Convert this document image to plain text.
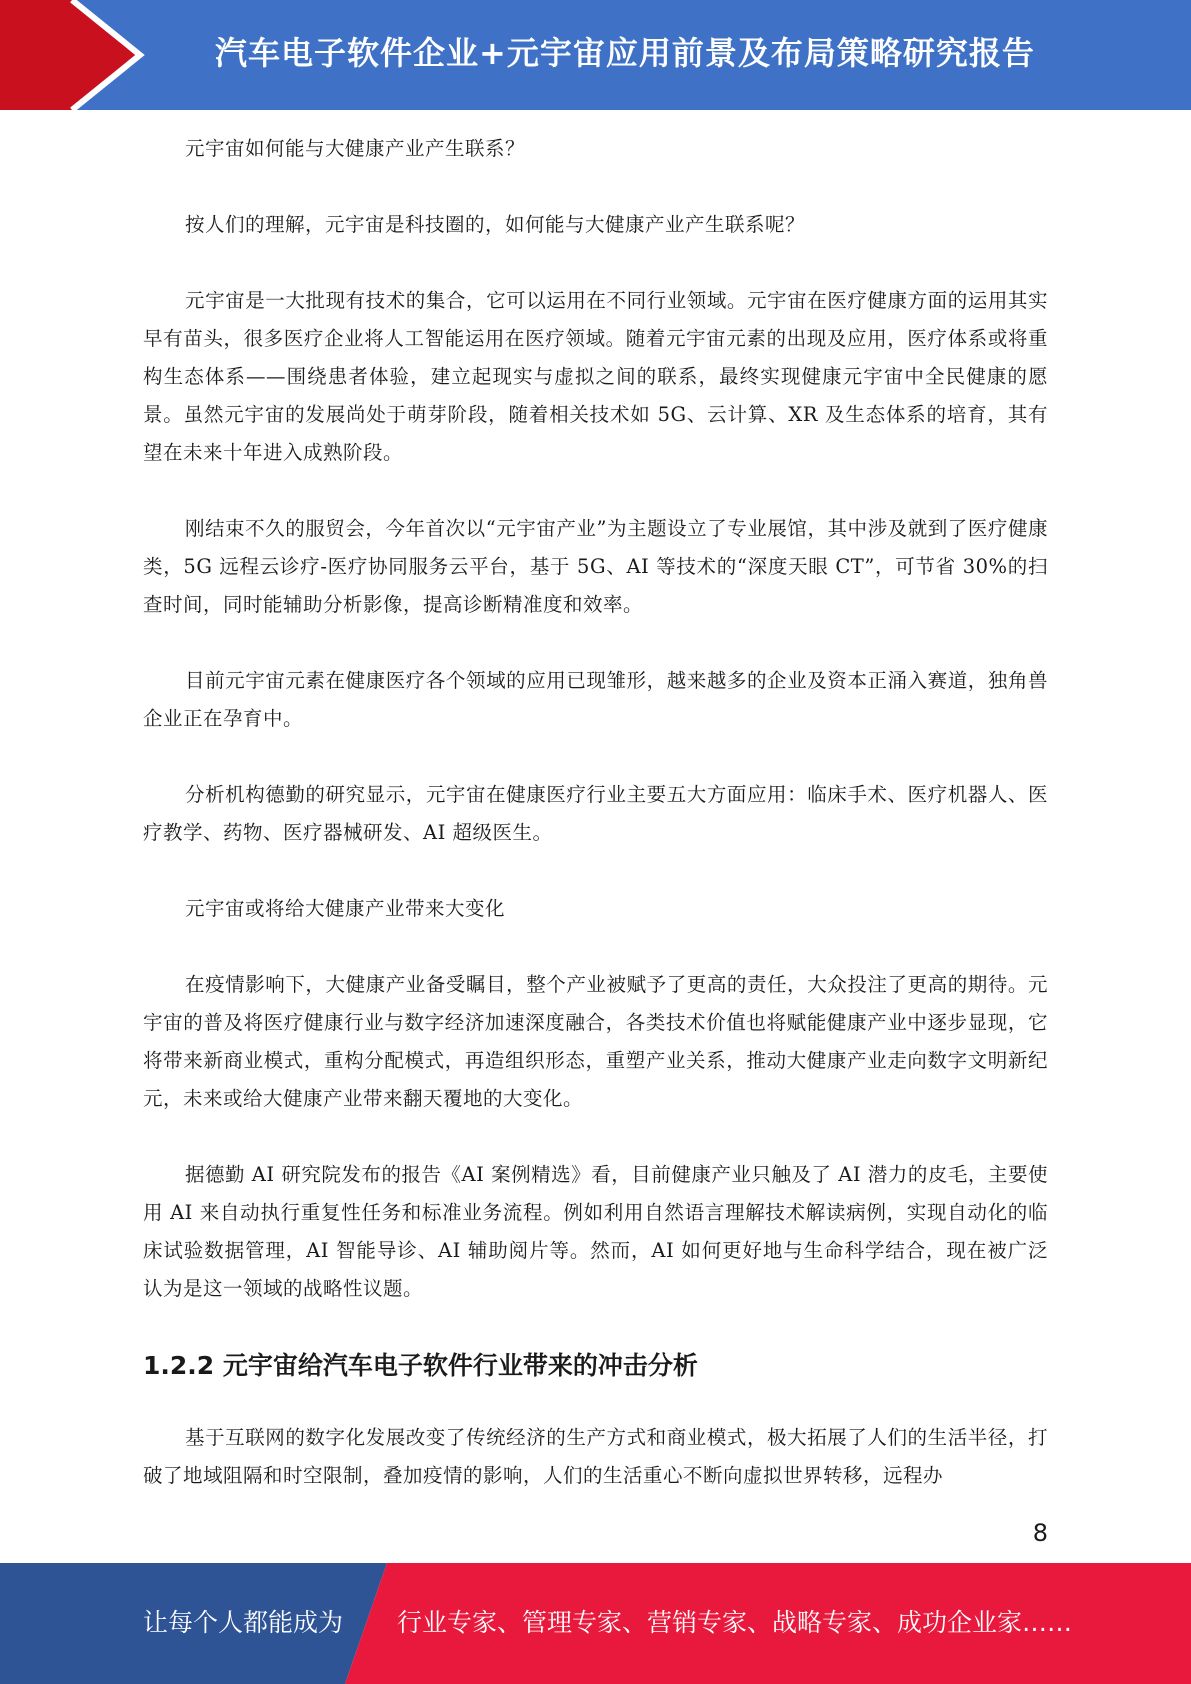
汽车电子软件企业+元宇宙应用前景及布局策略研究报告

元宇宙如何能与大健康产业产生联系？

按人们的理解，元宇宙是科技圈的，如何能与大健康产业产生联系呢？

元宇宙是一大批现有技术的集合，它可以运用在不同行业领域。元宇宙在医疗健康方面的运用其实早有苗头，很多医疗企业将人工智能运用在医疗领域。随着元宇宙元素的出现及应用，医疗体系或将重构生态体系——围绕患者体验，建立起现实与虚拟之间的联系，最终实现健康元宇宙中全民健康的愿景。虽然元宇宙的发展尚处于萌芽阶段，随着相关技术如 5G、云计算、XR 及生态体系的培育，其有望在未来十年进入成熟阶段。

刚结束不久的服贸会，今年首次以“元宇宙产业”为主题设立了专业展馆，其中涉及就到了医疗健康类，5G 远程云诊疗-医疗协同服务云平台，基于 5G、AI 等技术的“深度天眼 CT”，可节省 30%的扫查时间，同时能辅助分析影像，提高诊断精准度和效率。

目前元宇宙元素在健康医疗各个领域的应用已现雏形，越来越多的企业及资本正涌入赛道，独角兽企业正在孕育中。

分析机构德勤的研究显示，元宇宙在健康医疗行业主要五大方面应用：临床手术、医疗机器人、医疗教学、药物、医疗器械研发、AI 超级医生。

元宇宙或将给大健康产业带来大变化

在疫情影响下，大健康产业备受瞩目，整个产业被赋予了更高的责任，大众投注了更高的期待。元宇宙的普及将医疗健康行业与数字经济加速深度融合，各类技术价值也将赋能健康产业中逐步显现，它将带来新商业模式，重构分配模式，再造组织形态，重塑产业关系，推动大健康产业走向数字文明新纪元，未来或给大健康产业带来翻天覆地的大变化。

据德勤 AI 研究院发布的报告《AI 案例精选》看，目前健康产业只触及了 AI 潜力的皮毛，主要使用 AI 来自动执行重复性任务和标准业务流程。例如利用自然语言理解技术解读病例，实现自动化的临床试验数据管理，AI 智能导诊、AI 辅助阅片等。然而，AI 如何更好地与生命科学结合，现在被广泛认为是这一领域的战略性议题。

1.2.2 元宇宙给汽车电子软件行业带来的冲击分析

基于互联网的数字化发展改变了传统经济的生产方式和商业模式，极大拓展了人们的生活半径，打破了地域阻隔和时空限制，叠加疫情的影响，人们的生活重心不断向虚拟世界转移，远程办

8
让每个人都能成为 行业专家、管理专家、营销专家、战略专家、成功企业家……
